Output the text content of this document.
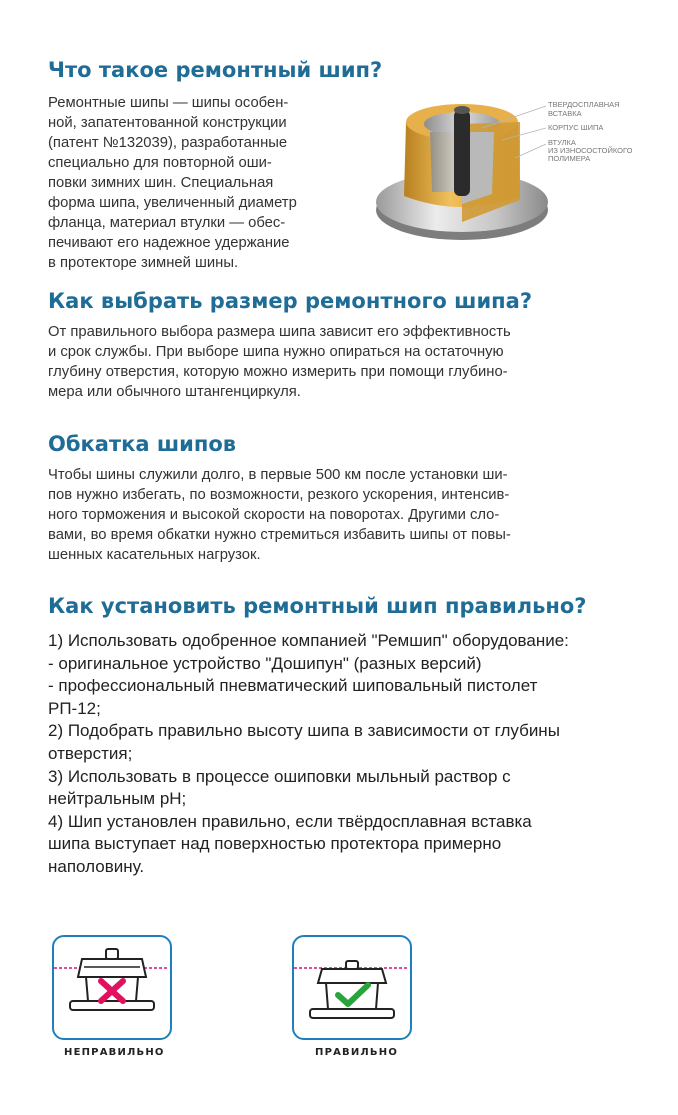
Что такое ремонтный шип?
Ремонтные шипы — шипы особен-
ной, запатентованной конструкции
(патент №132039), разработанные
специально для повторной оши-
повки зимних шин. Специальная
форма шипа, увеличенный диаметр
фланца, материал втулки — обес-
печивают его надежное удержание
в протекторе зимней шины.
ТВЕРДОСПЛАВНАЯ
ВСТАВКА
КОРПУС ШИПА
ВТУЛКА
ИЗ ИЗНОСОСТОЙКОГО
ПОЛИМЕРА
Как выбрать размер ремонтного шипа?
От правильного выбора размера шипа зависит его эффективность
и срок службы. При выборе шипа нужно опираться на остаточную
глубину отверстия, которую можно измерить при помощи глубино-
мера или обычного штангенциркуля.
Обкатка шипов
Чтобы шины служили долго, в первые 500 км после установки ши-
пов нужно избегать, по возможности, резкого ускорения, интенсив-
ного торможения и высокой скорости на поворотах. Другими сло-
вами, во время обкатки нужно стремиться избавить шипы от повы-
шенных касательных нагрузок.
Как установить ремонтный шип правильно?
1) Использовать одобренное компанией "Ремшип" оборудование:
- оригинальное устройство "Дошипун" (разных версий)
- профессиональный пневматический шиповальный пистолет
РП-12;
2) Подобрать правильно высоту шипа в зависимости от глубины
отверстия;
3) Использовать в процессе ошиповки мыльный раствор с
нейтральным pH;
4) Шип установлен правильно, если твёрдосплавная вставка
шипа выступает над поверхностью протектора примерно
наполовину.
НЕПРАВИЛЬНО	ПРАВИЛЬНО
